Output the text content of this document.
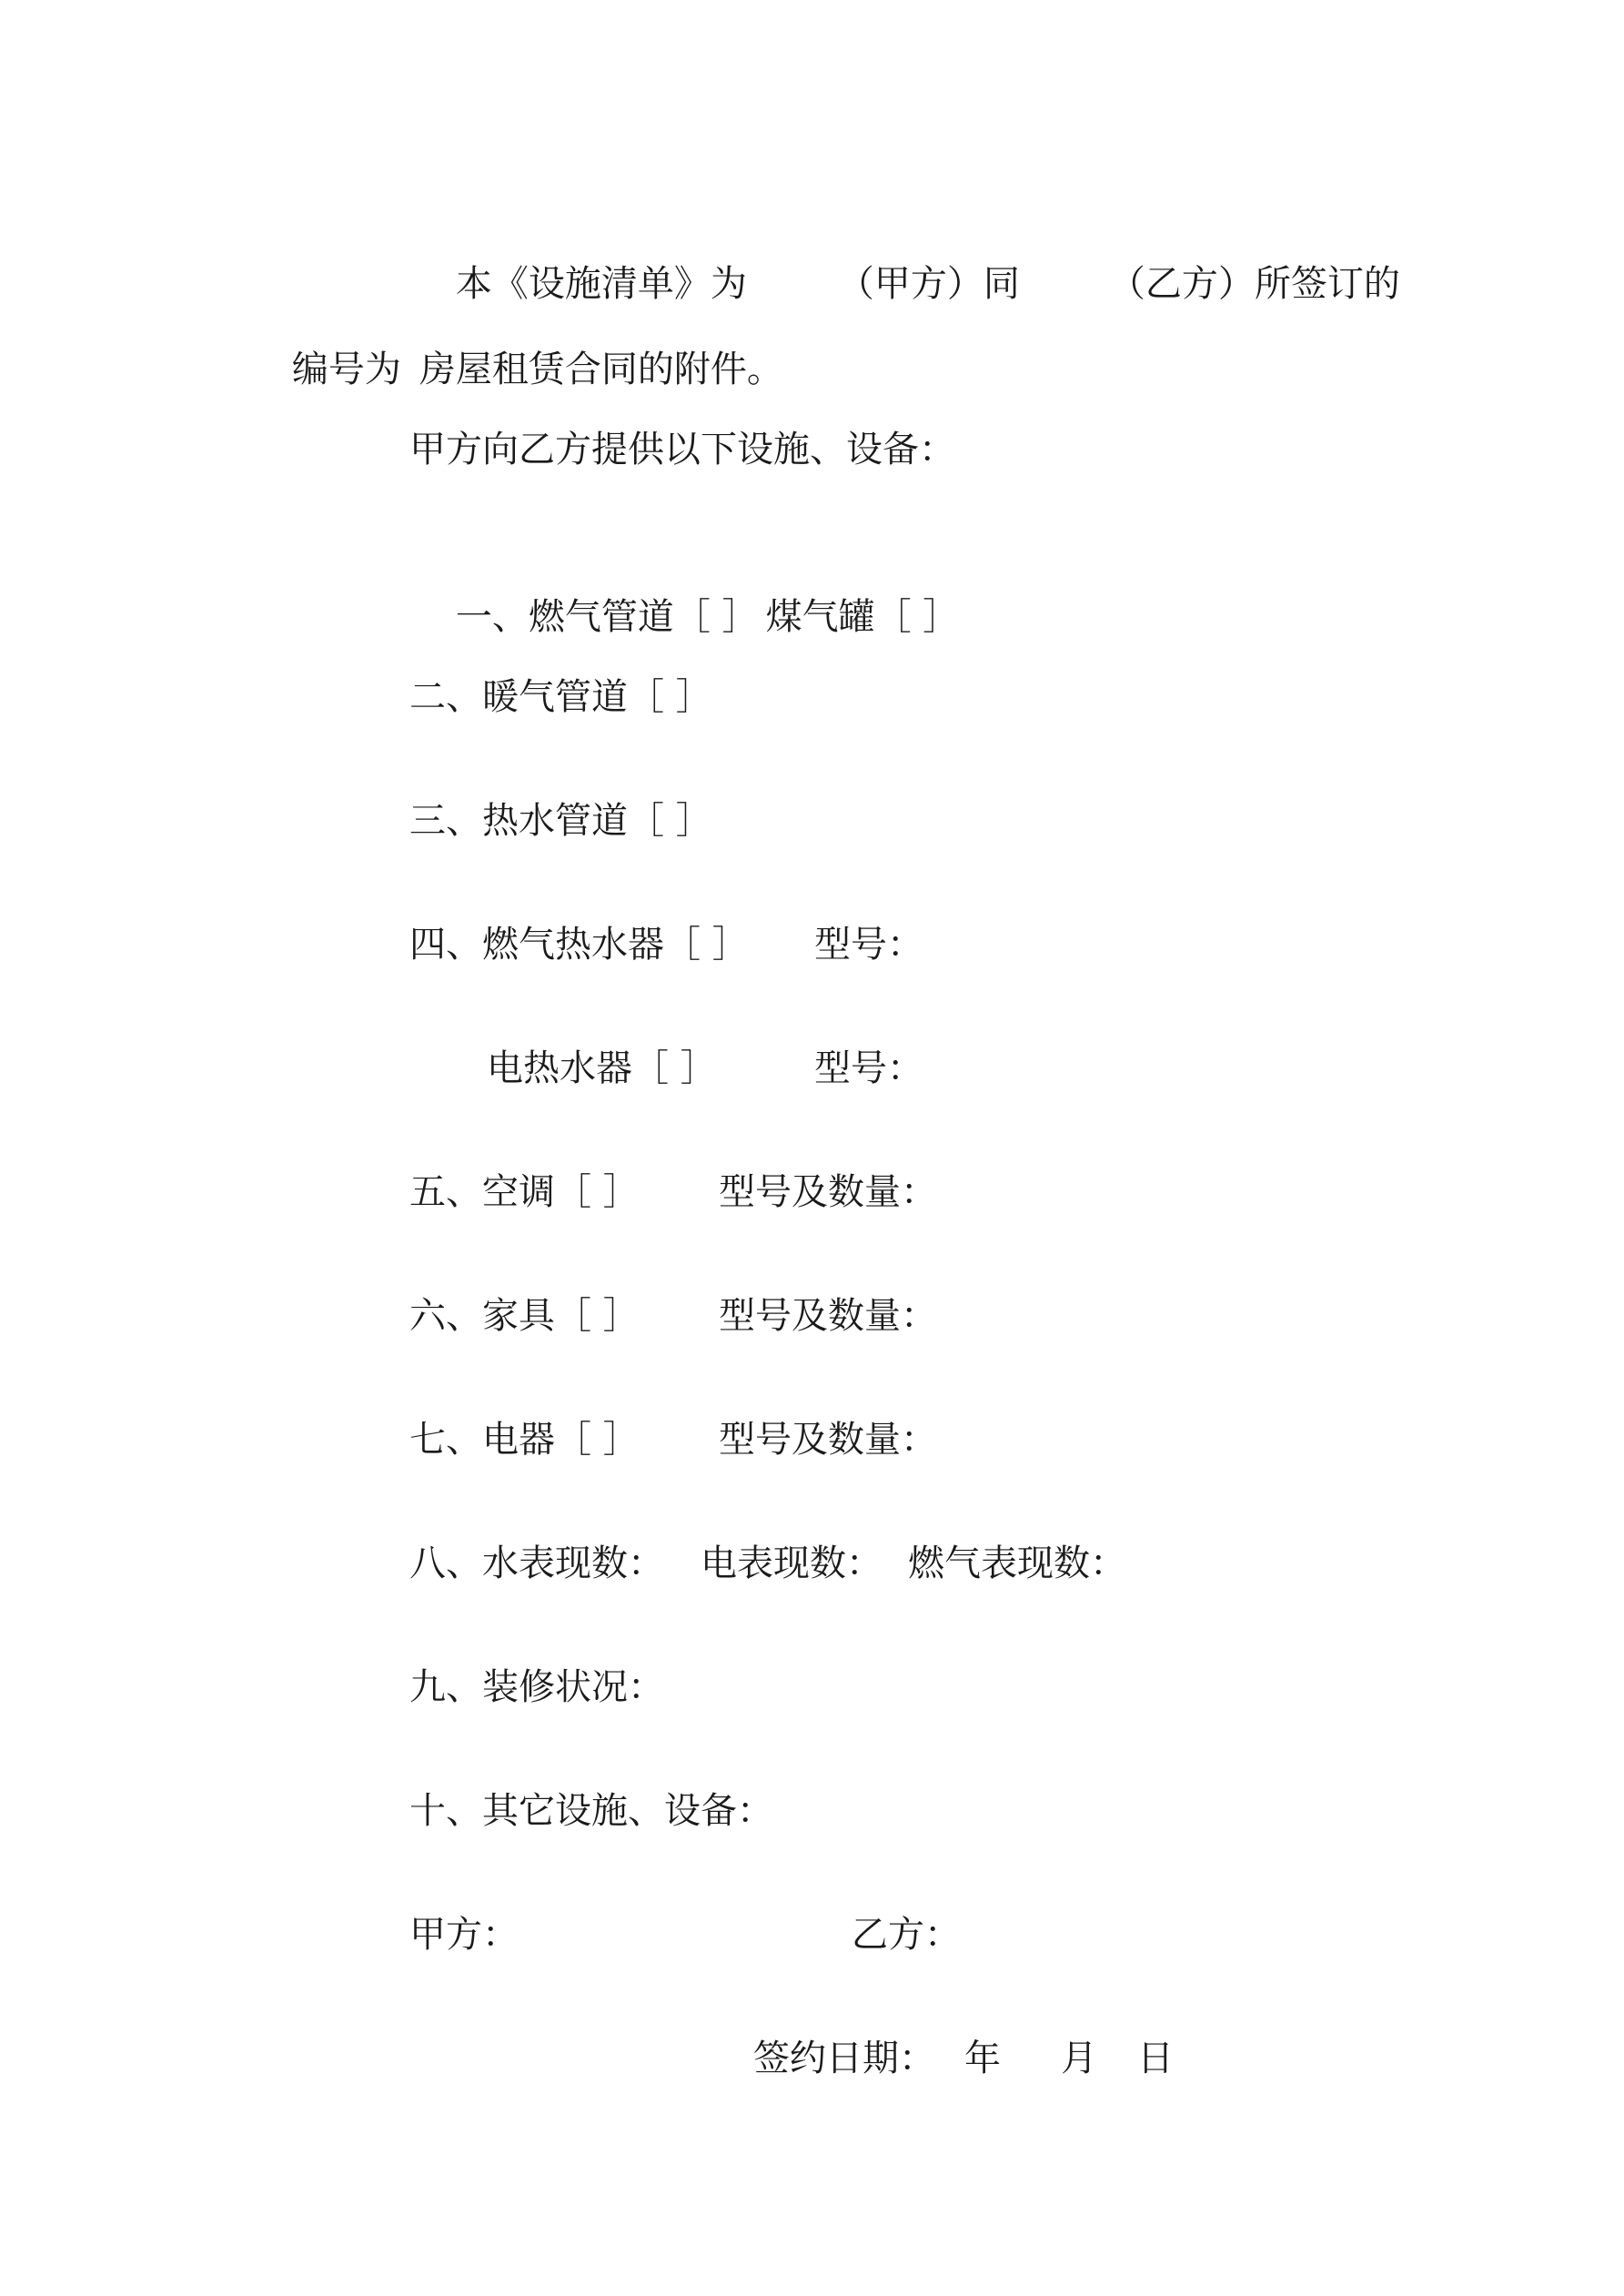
本《设施清单》为	（甲方）同 （乙方）所签订的

编号为 房屋租赁合同的附件。

甲方向乙方提供以下设施、设备：

一、燃气管道［ ］ 煤气罐［ ］

二、暖气管道［ ］
三、热水管道［ ］
四、燃气热水器［ ］ 型号：
电热水器［ ］	型号：
五、空调［ ］ 型号及数量：
六、家具［ ］ 型号及数量：
七、电器［ ］ 型号及数量：
八、水表现数： 电表现数： 燃气表现数：
九、装修状况：
十、其它设施、设备：
甲方：	乙方：
签约日期： 年 月 日
